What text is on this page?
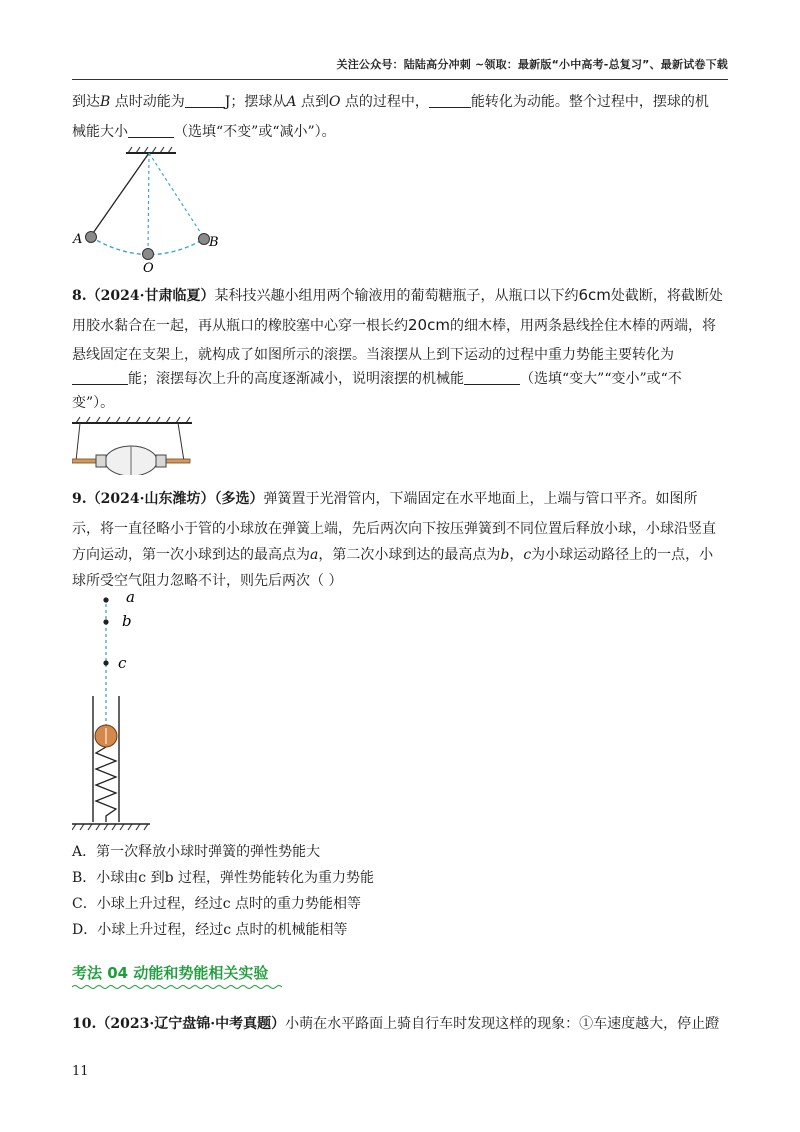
关注公众号：陆陆高分冲刺 ~领取：最新版“小中高考-总复习”、最新试卷下载
到达B 点时动能为	J；摆球从A 点到O 点的过程中，	能转化为动能。整个过程中，摆球的机
械能大小	（选填“不变”或“减小”）。
A	B
O
8.（2024·甘肃临夏）某科技兴趣小组用两个输液用的葡萄糖瓶子，从瓶口以下约6cm处截断，将截断处
用胶水黏合在一起，再从瓶口的橡胶塞中心穿一根长约20cm的细木棒，用两条悬线拴住木棒的两端，将
悬线固定在支架上，就构成了如图所示的滚摆。当滚摆从上到下运动的过程中重力势能主要转化为
能；滚摆每次上升的高度逐渐减小，说明滚摆的机械能	（选填“变大”“变小”或“不
变”）。
9.（2024·山东潍坊）（多选）弹簧置于光滑管内，下端固定在水平地面上，上端与管口平齐。如图所
示，将一直径略小于管的小球放在弹簧上端，先后两次向下按压弹簧到不同位置后释放小球，小球沿竖直
方向运动，第一次小球到达的最高点为a，第二次小球到达的最高点为b，c为小球运动路径上的一点，小
球所受空气阻力忽略不计，则先后两次（ ）
a
b
c
A．第一次释放小球时弹簧的弹性势能大
B．小球由c 到b 过程，弹性势能转化为重力势能
C．小球上升过程，经过c 点时的重力势能相等
D．小球上升过程，经过c 点时的机械能相等
考法 04 动能和势能相关实验
10.（2023·辽宁盘锦·中考真题）小萌在水平路面上骑自行车时发现这样的现象：①车速度越大，停止蹬
11
